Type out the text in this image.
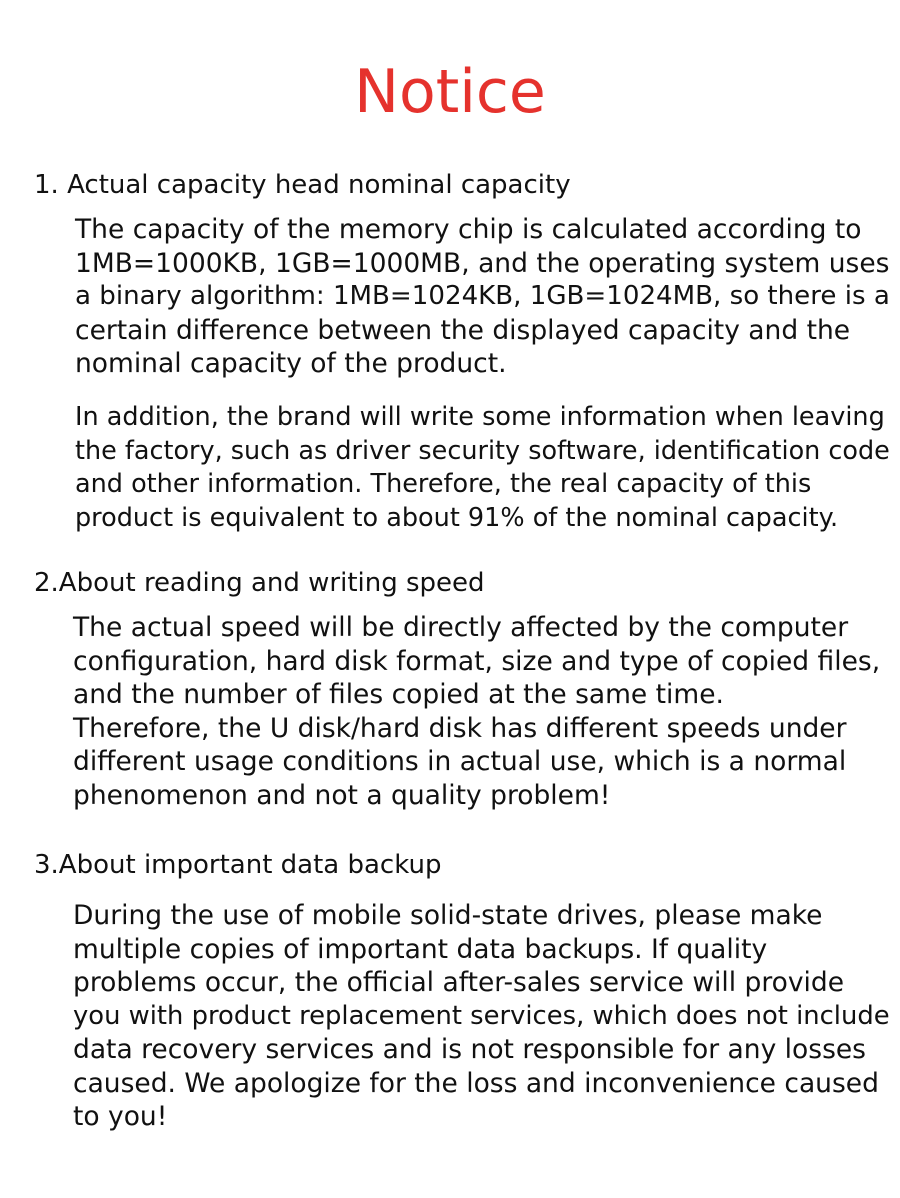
Notice
1. Actual capacity head nominal capacity
The capacity of the memory chip is calculated according to
1MB=1000KB, 1GB=1000MB, and the operating system uses
a binary algorithm: 1MB=1024KB, 1GB=1024MB, so there is a
certain difference between the displayed capacity and the
nominal capacity of the product.
In addition, the brand will write some information when leaving
the factory, such as driver security software, identification code
and other information. Therefore, the real capacity of this
product is equivalent to about 91% of the nominal capacity.
2.About reading and writing speed
The actual speed will be directly affected by the computer
configuration, hard disk format, size and type of copied files,
and the number of files copied at the same time.
Therefore, the U disk/hard disk has different speeds under
different usage conditions in actual use, which is a normal
phenomenon and not a quality problem!
3.About important data backup
During the use of mobile solid-state drives, please make
multiple copies of important data backups. If quality
problems occur, the official after-sales service will provide
you with product replacement services, which does not include
data recovery services and is not responsible for any losses
caused. We apologize for the loss and inconvenience caused
to you!
